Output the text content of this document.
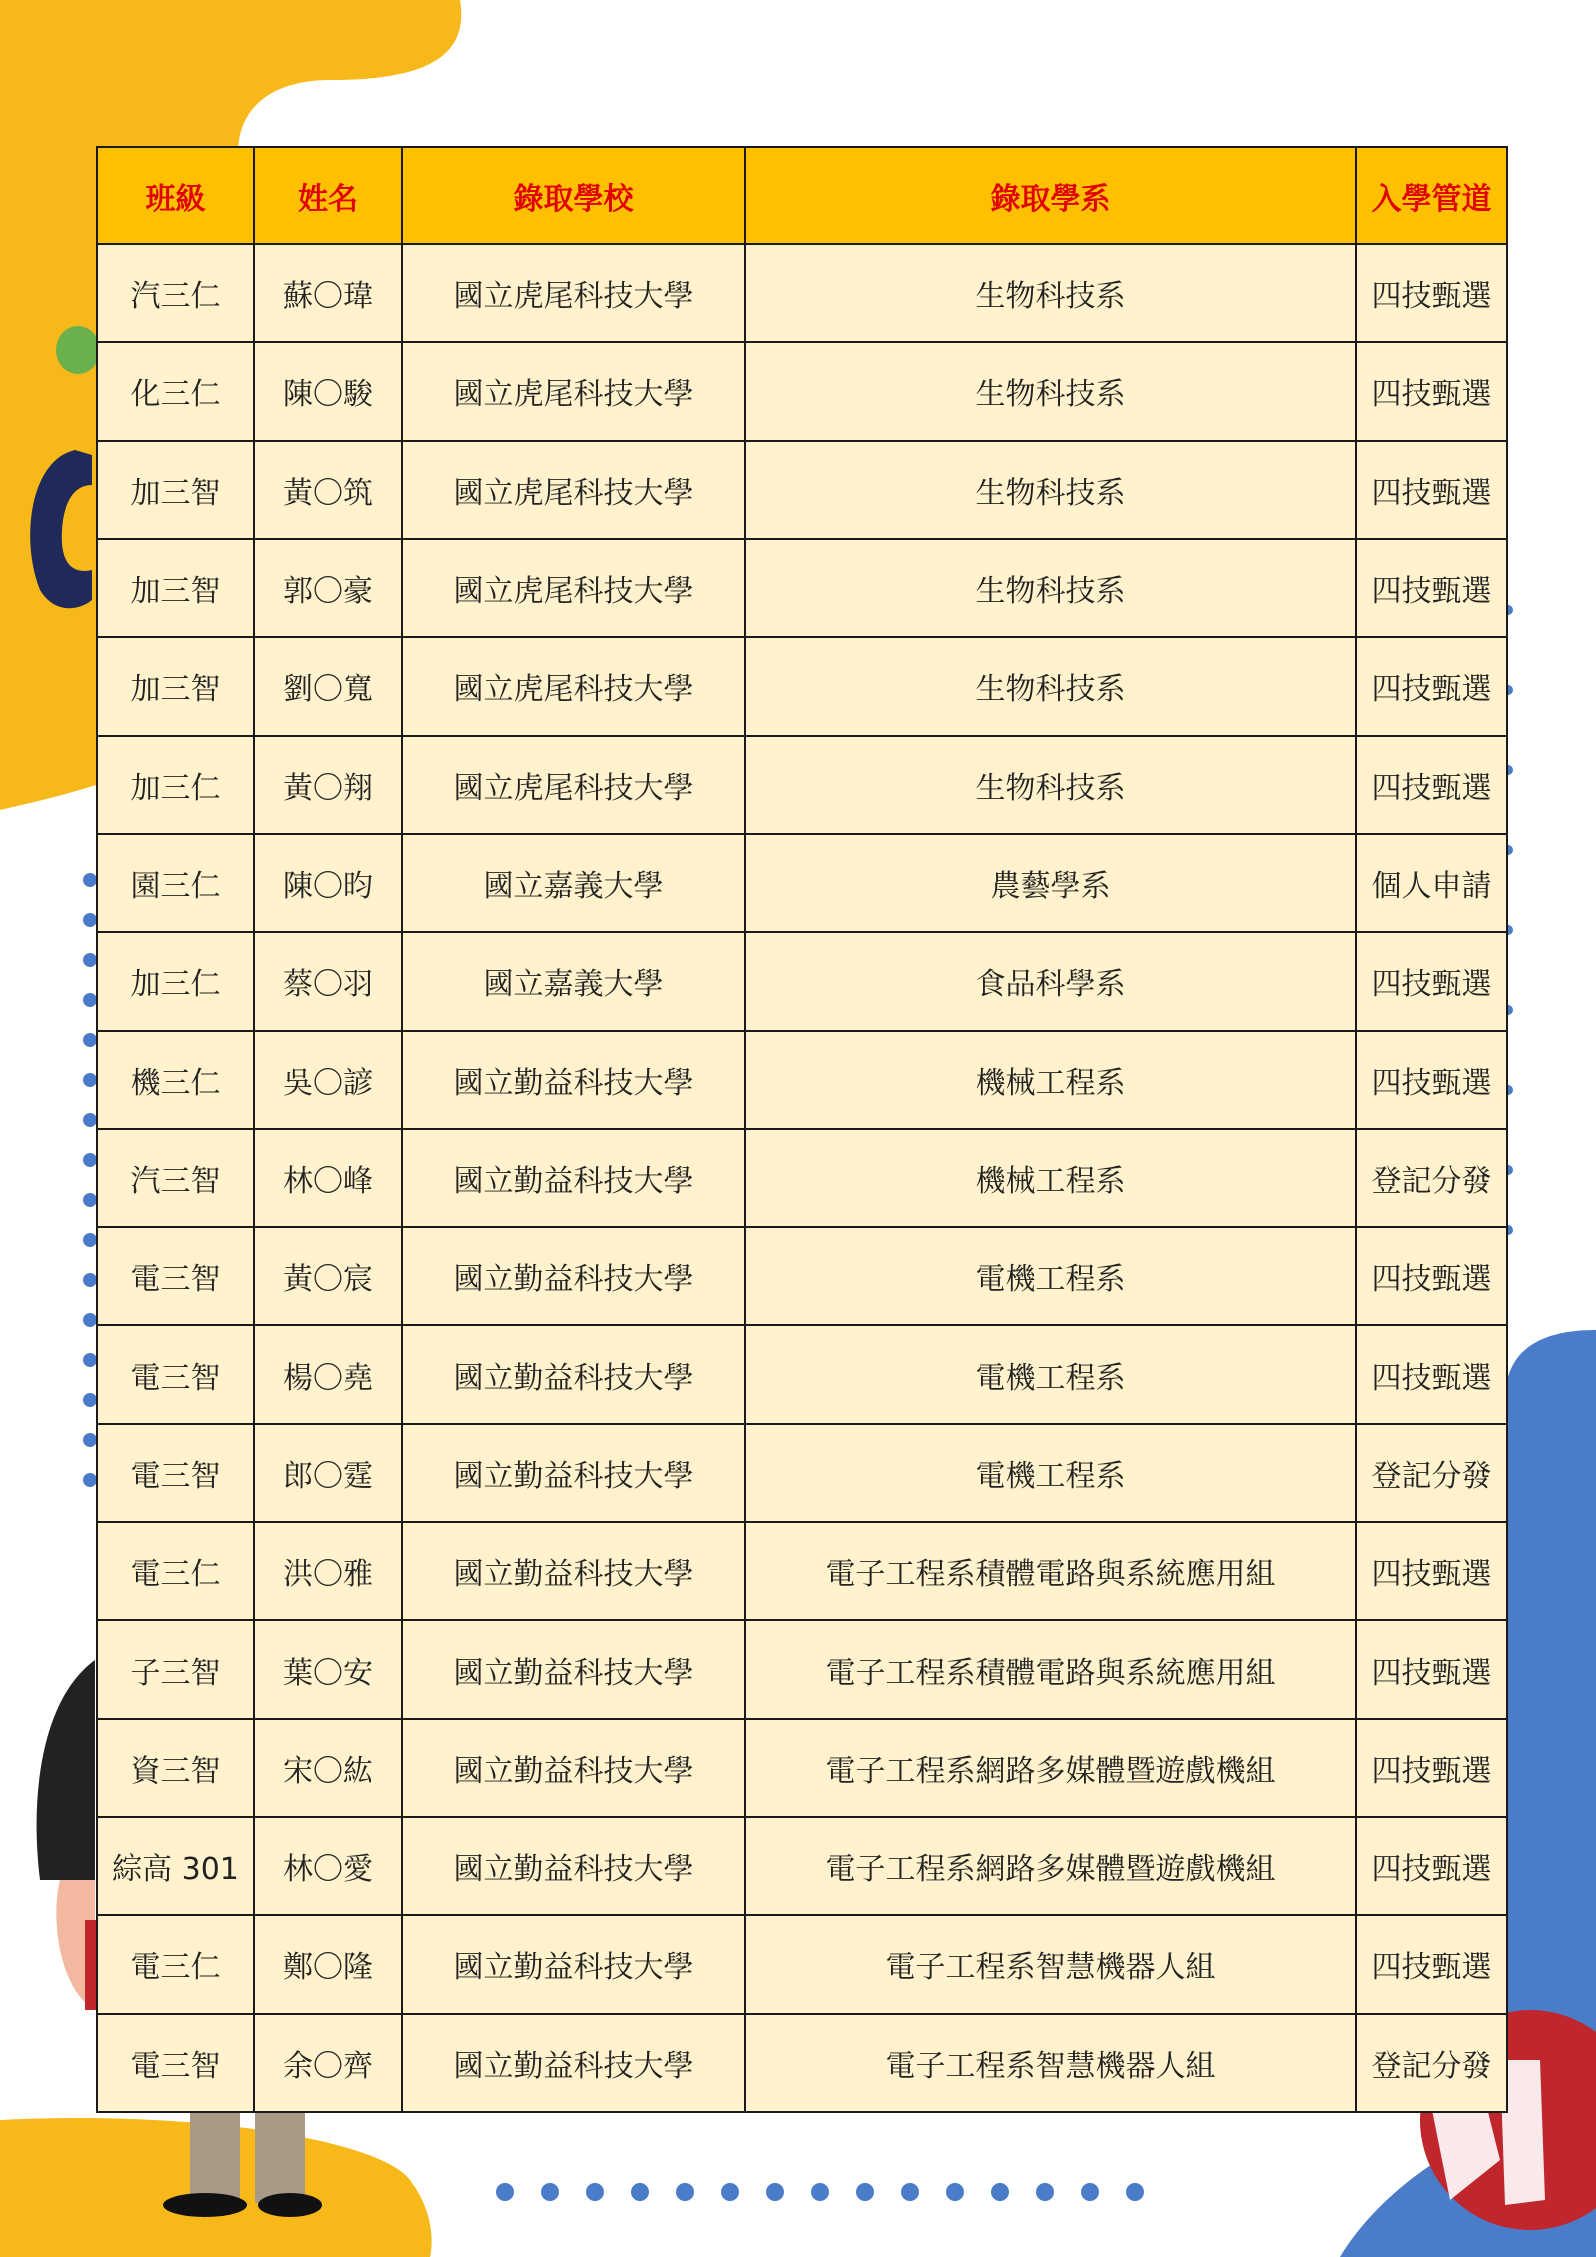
班級	姓名	錄取學校	錄取學系	入學管道
汽三仁	蘇〇瑋	國立虎尾科技大學	生物科技系	四技甄選
化三仁	陳〇駿	國立虎尾科技大學	生物科技系	四技甄選
加三智	黃〇筑	國立虎尾科技大學	生物科技系	四技甄選
加三智	郭〇豪	國立虎尾科技大學	生物科技系	四技甄選
加三智	劉〇寬	國立虎尾科技大學	生物科技系	四技甄選
加三仁	黃〇翔	國立虎尾科技大學	生物科技系	四技甄選
園三仁	陳〇昀	國立嘉義大學	農藝學系	個人申請
加三仁	蔡〇羽	國立嘉義大學	食品科學系	四技甄選
機三仁	吳〇諺	國立勤益科技大學	機械工程系	四技甄選
汽三智	林〇峰	國立勤益科技大學	機械工程系	登記分發
電三智	黃〇宸	國立勤益科技大學	電機工程系	四技甄選
電三智	楊〇堯	國立勤益科技大學	電機工程系	四技甄選
電三智	郎〇霆	國立勤益科技大學	電機工程系	登記分發
電三仁	洪〇雅	國立勤益科技大學	電子工程系積體電路與系統應用組	四技甄選
子三智	葉〇安	國立勤益科技大學	電子工程系積體電路與系統應用組	四技甄選
資三智	宋〇紘	國立勤益科技大學	電子工程系網路多媒體暨遊戲機組	四技甄選
綜高 301	林〇愛	國立勤益科技大學	電子工程系網路多媒體暨遊戲機組	四技甄選
電三仁	鄭〇隆	國立勤益科技大學	電子工程系智慧機器人組	四技甄選
電三智	余〇齊	國立勤益科技大學	電子工程系智慧機器人組	登記分發
